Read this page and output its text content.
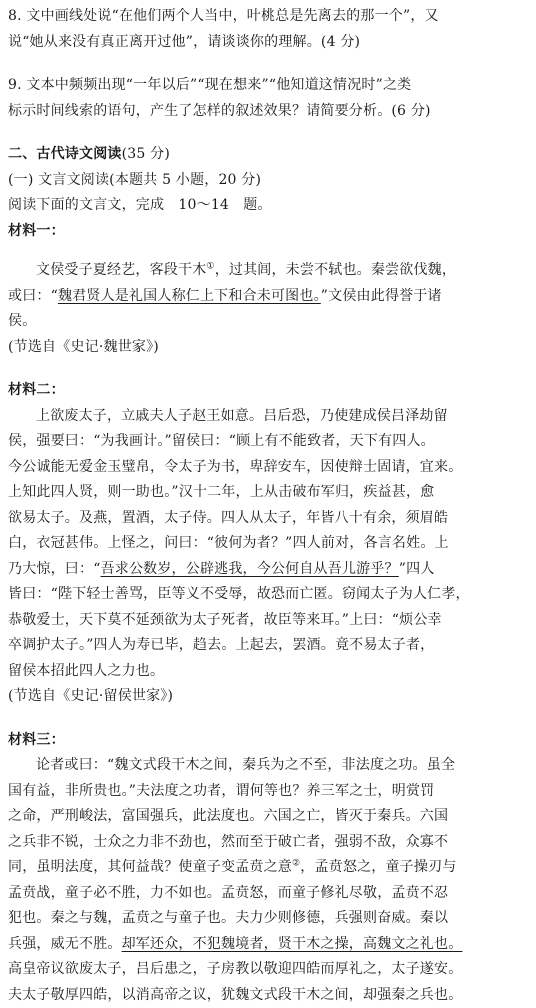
8. 文中画线处说“在他们两个人当中，叶桃总是先离去的那一个”，又

说“她从来没有真正离开过他”，请谈谈你的理解。(4 分)

9. 文本中频频出现“一年以后”“现在想来”“他知道这情况时”之类

标示时间线索的语句，产生了怎样的叙述效果？请简要分析。(6 分)

二、古代诗文阅读(35 分)

(一) 文言文阅读(本题共 5 小题，20 分)

阅读下面的文言文，完成　10～14　题。

材料一：

文侯受子夏经艺，客段干木①，过其闾，未尝不轼也。秦尝欲伐魏，

或曰：“魏君贤人是礼国人称仁上下和合未可图也。”文侯由此得誉于诸

侯。

(节选自《史记·魏世家》)

材料二：

上欲废太子，立戚夫人子赵王如意。吕后恐，乃使建成侯吕泽劫留

侯，强要曰：“为我画计。”留侯曰：“顾上有不能致者，天下有四人。

今公诚能无爱金玉璧帛，令太子为书，卑辞安车，因使辩士固请，宜来。

上知此四人贤，则一助也。”汉十二年，上从击破布军归，疾益甚，愈

欲易太子。及燕，置酒，太子侍。四人从太子，年皆八十有余，须眉皓

白，衣冠甚伟。上怪之，问曰：“彼何为者？”四人前对，各言名姓。上

乃大惊，曰：“吾求公数岁，公辟逃我，今公何自从吾儿游乎？”四人

皆曰：“陛下轻士善骂，臣等义不受辱，故恐而亡匿。窃闻太子为人仁孝，

恭敬爱士，天下莫不延颈欲为太子死者，故臣等来耳。”上曰：“烦公幸

卒调护太子。”四人为寿已毕，趋去。上起去，罢酒。竟不易太子者，

留侯本招此四人之力也。

(节选自《史记·留侯世家》)

材料三：

论者或曰：“魏文式段干木之间，秦兵为之不至，非法度之功。虽全

国有益，非所贵也。”夫法度之功者，谓何等也？养三军之士，明赏罚

之命，严刑峻法，富国强兵，此法度也。六国之亡，皆灭于秦兵。六国

之兵非不锐，士众之力非不劲也，然而至于破亡者，强弱不敌，众寡不

同，虽明法度，其何益哉？使童子变孟贲之意②，孟贲怒之，童子操刃与

孟贲战，童子必不胜，力不如也。孟贲怒，而童子修礼尽敬，孟贲不忍

犯也。秦之与魏，孟贲之与童子也。夫力少则修德，兵强则奋威。秦以

兵强，威无不胜。却军还众，不犯魏境者，贤干木之操，高魏文之礼也。

高皇帝议欲废太子，吕后患之，子房教以敬迎四皓而厚礼之，太子遂安。

夫太子敬厚四皓，以消高帝之议，犹魏文式段干木之间，却强秦之兵也。
